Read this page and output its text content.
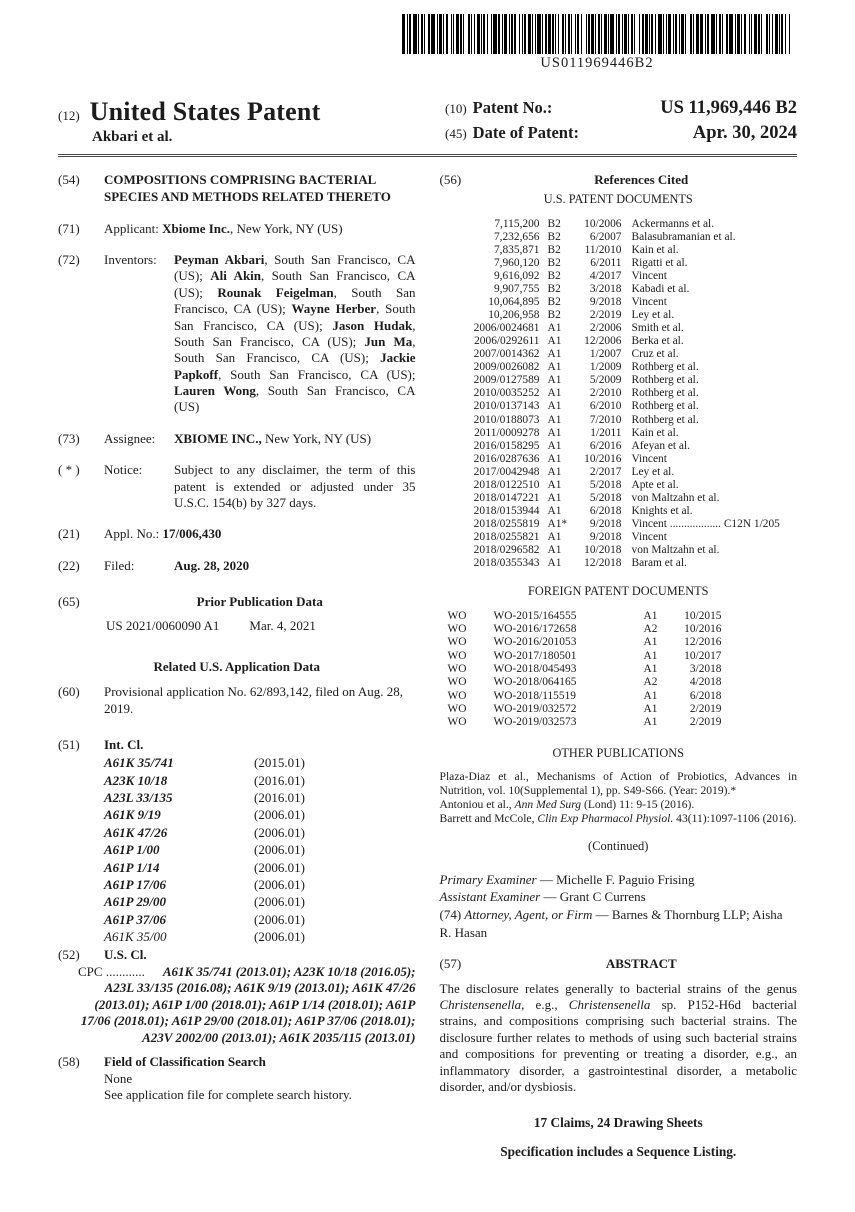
US011969446B2
(12) United States Patent
Akbari et al.
(10) Patent No.:	US 11,969,446 B2
(45) Date of Patent:	Apr. 30, 2024
(54)	COMPOSITIONS COMPRISING BACTERIAL SPECIES AND METHODS RELATED THERETO
(71)	Applicant: Xbiome Inc., New York, NY (US)
(72)	Inventors:	Peyman Akbari, South San Francisco, CA (US); Ali Akin, South San Francisco, CA (US); Rounak Feigelman, South San Francisco, CA (US); Wayne Herber, South San Francisco, CA (US); Jason Hudak, South San Francisco, CA (US); Jun Ma, South San Francisco, CA (US); Jackie Papkoff, South San Francisco, CA (US); Lauren Wong, South San Francisco, CA (US)
(73)	Assignee:	XBIOME INC., New York, NY (US)
( * )	Notice:	Subject to any disclaimer, the term of this patent is extended or adjusted under 35 U.S.C. 154(b) by 327 days.
(21)	Appl. No.: 17/006,430
(22)	Filed:	Aug. 28, 2020
(65)	Prior Publication Data
US 2021/0060090 A1 Mar. 4, 2021
Related U.S. Application Data
(60)	Provisional application No. 62/893,142, filed on Aug. 28, 2019.
(51)	Int. Cl.
A61K 35/741	(2015.01)
A23K 10/18	(2016.01)
A23L 33/135	(2016.01)
A61K 9/19	(2006.01)
A61K 47/26	(2006.01)
A61P 1/00	(2006.01)
A61P 1/14	(2006.01)
A61P 17/06	(2006.01)
A61P 29/00	(2006.01)
A61P 37/06	(2006.01)
A61K 35/00	(2006.01)
(52)	U.S. Cl.
CPC ............ A61K 35/741 (2013.01); A23K 10/18 (2016.05); A23L 33/135 (2016.08); A61K 9/19 (2013.01); A61K 47/26 (2013.01); A61P 1/00 (2018.01); A61P 1/14 (2018.01); A61P 17/06 (2018.01); A61P 29/00 (2018.01); A61P 37/06 (2018.01); A23V 2002/00 (2013.01); A61K 2035/115 (2013.01)
(58)	Field of Classification Search
None
See application file for complete search history.
(56)	References Cited
U.S. PATENT DOCUMENTS
7,115,200 B2	10/2006 Ackermanns et al.
7,232,656 B2	6/2007 Balasubramanian et al.
7,835,871 B2	11/2010 Kain et al.
7,960,120 B2	6/2011 Rigatti et al.
9,616,092 B2	4/2017 Vincent
9,907,755 B2	3/2018 Kabadi et al.
10,064,895 B2	9/2018 Vincent
10,206,958 B2	2/2019 Ley et al.
2006/0024681 A1	2/2006 Smith et al.
2006/0292611 A1	12/2006 Berka et al.
2007/0014362 A1	1/2007 Cruz et al.
2009/0026082 A1	1/2009 Rothberg et al.
2009/0127589 A1	5/2009 Rothberg et al.
2010/0035252 A1	2/2010 Rothberg et al.
2010/0137143 A1	6/2010 Rothberg et al.
2010/0188073 A1	7/2010 Rothberg et al.
2011/0009278 A1	1/2011 Kain et al.
2016/0158295 A1	6/2016 Afeyan et al.
2016/0287636 A1	10/2016 Vincent
2017/0042948 A1	2/2017 Ley et al.
2018/0122510 A1	5/2018 Apte et al.
2018/0147221 A1	5/2018 von Maltzahn et al.
2018/0153944 A1	6/2018 Knights et al.
2018/0255819 A1*	9/2018 Vincent .................. C12N 1/205
2018/0255821 A1	9/2018 Vincent
2018/0296582 A1	10/2018 von Maltzahn et al.
2018/0355343 A1	12/2018 Baram et al.
FOREIGN PATENT DOCUMENTS
WO	WO-2015/164555	A1	10/2015
WO	WO-2016/172658	A2	10/2016
WO	WO-2016/201053	A1	12/2016
WO	WO-2017/180501	A1	10/2017
WO	WO-2018/045493	A1	3/2018
WO	WO-2018/064165	A2	4/2018
WO	WO-2018/115519	A1	6/2018
WO	WO-2019/032572	A1	2/2019
WO	WO-2019/032573	A1	2/2019
OTHER PUBLICATIONS

Plaza-Diaz et al., Mechanisms of Action of Probiotics, Advances in Nutrition, vol. 10(Supplemental 1), pp. S49-S66. (Year: 2019).*

Antoniou et al., Ann Med Surg (Lond) 11: 9-15 (2016).

Barrett and McCole, Clin Exp Pharmacol Physiol. 43(11):1097-1106 (2016).

(Continued)
Primary Examiner — Michelle F. Paguio Frising
Assistant Examiner — Grant C Currens
(74) Attorney, Agent, or Firm — Barnes & Thornburg LLP; Aisha R. Hasan
(57)	ABSTRACT
The disclosure relates generally to bacterial strains of the genus Christensenella, e.g., Christensenella sp. P152-H6d bacterial strains, and compositions comprising such bacterial strains. The disclosure further relates to methods of using such bacterial strains and compositions for preventing or treating a disorder, e.g., an inflammatory disorder, a gastrointestinal disorder, a metabolic disorder, and/or dysbiosis.
17 Claims, 24 Drawing Sheets
Specification includes a Sequence Listing.
